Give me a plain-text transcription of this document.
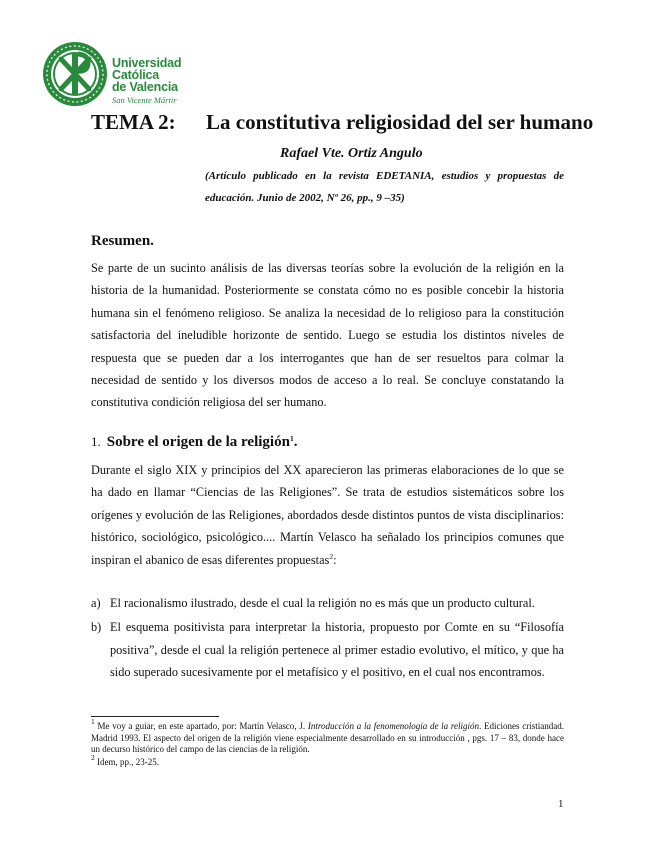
Universidad
Católica
de Valencia
San Vicente Mártir
TEMA 2: La constitutiva religiosidad del ser humano
Rafael Vte. Ortiz Angulo
(Artículo publicado en la revista EDETANIA, estudios y propuestas de educación. Junio de 2002, Nº 26, pp., 9 –35)
Resumen.

Se parte de un sucinto análisis de las diversas teorías sobre la evolución de la religión en la historia de la humanidad. Posteriormente se constata cómo no es posible concebir la historia humana sin el fenómeno religioso. Se analiza la necesidad de lo religioso para la constitución satisfactoria del ineludible horizonte de sentido. Luego se estudia los distintos niveles de respuesta que se pueden dar a los interrogantes que han de ser resueltos para colmar la necesidad de sentido y los diversos modos de acceso a lo real. Se concluye constatando la constitutiva condición religiosa del ser humano.

1. Sobre el origen de la religión$^1$.

Durante el siglo XIX y principios del XX aparecieron las primeras elaboraciones de lo que se ha dado en llamar “Ciencias de las Religiones”. Se trata de estudios sistemáticos sobre los orígenes y evolución de las Religiones, abordados desde distintos puntos de vista disciplinarios: histórico, sociológico, psicológico.... Martín Velasco ha señalado los principios comunes que inspiran el abanico de esas diferentes propuestas$^2$:

a) El racionalismo ilustrado, desde el cual la religión no es más que un producto cultural.
b) El esquema positivista para interpretar la historia, propuesto por Comte en su “Filosofía positiva”, desde el cual la religión pertenece al primer estadio evolutivo, el mítico, y que ha sido superado sucesivamente por el metafísico y el positivo, en el cual nos encontramos.
$^1$ Me voy a guiar, en este apartado, por: Martín Velasco, J. Introducción a la fenomenología de la religión. Ediciones cristiandad. Madrid 1993. El aspecto del origen de la religión viene especialmente desarrollado en su introducción , pgs. 17 – 83, donde hace un decurso histórico del campo de las ciencias de la religión.
$^2$ Idem, pp., 23-25.
1
